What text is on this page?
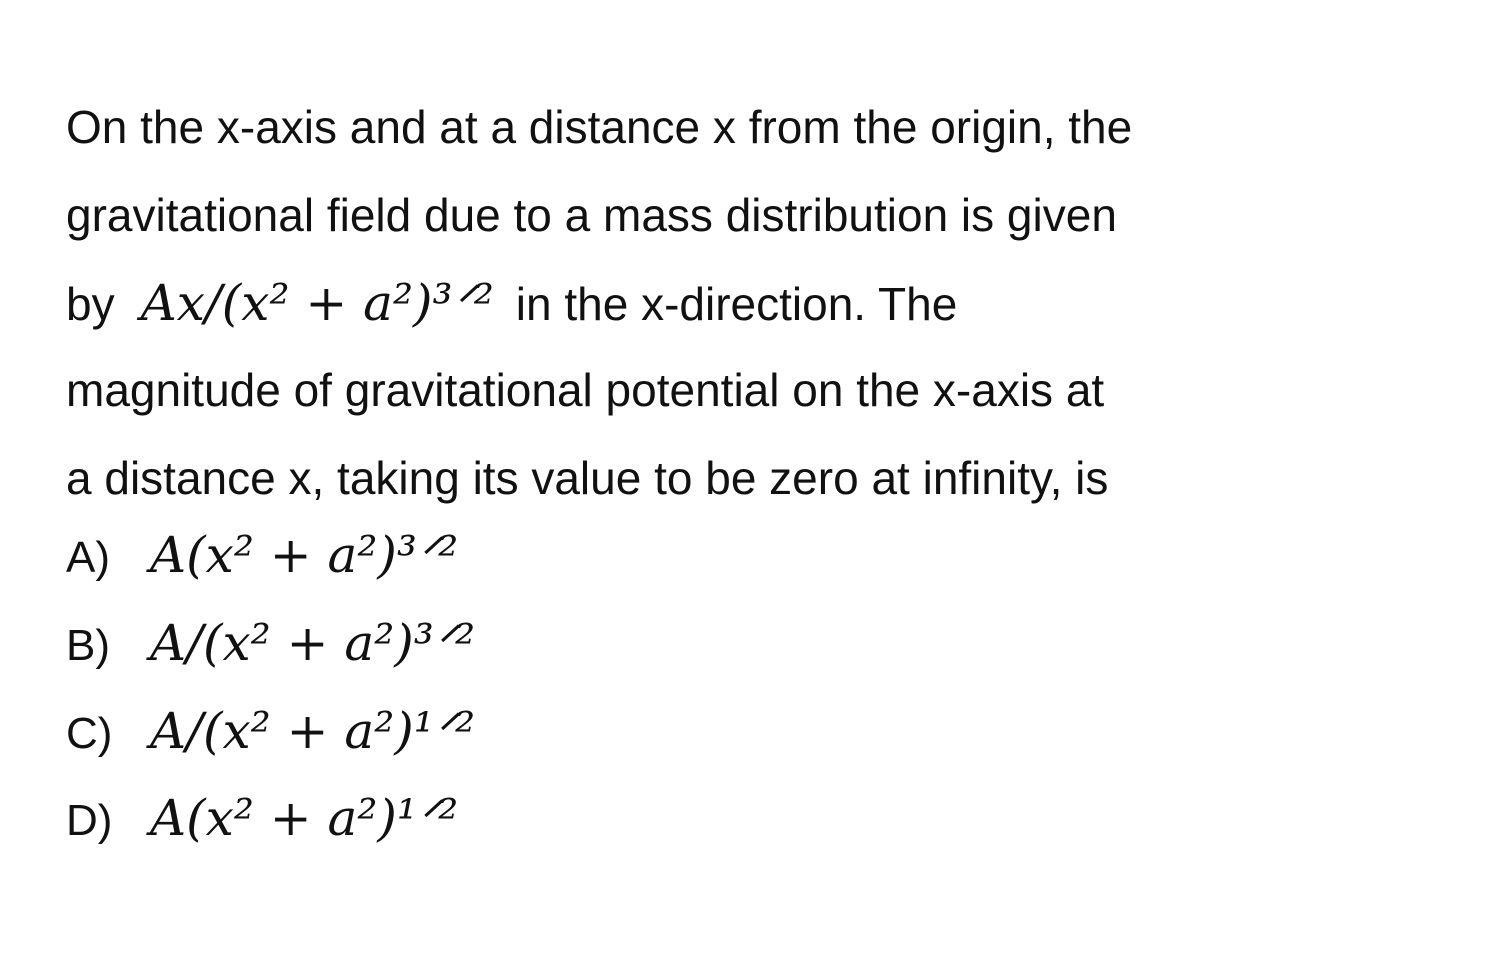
On the x-axis and at a distance x from the origin, the
gravitational field due to a mass distribution is given
by Ax/(x² + a²)³ᐟ² in the x-direction. The
magnitude of gravitational potential on the x-axis at
a distance x, taking its value to be zero at infinity, is
A) A(x² + a²)³ᐟ²
B) A/(x² + a²)³ᐟ²
C) A/(x² + a²)¹ᐟ²
D) A(x² + a²)¹ᐟ²
